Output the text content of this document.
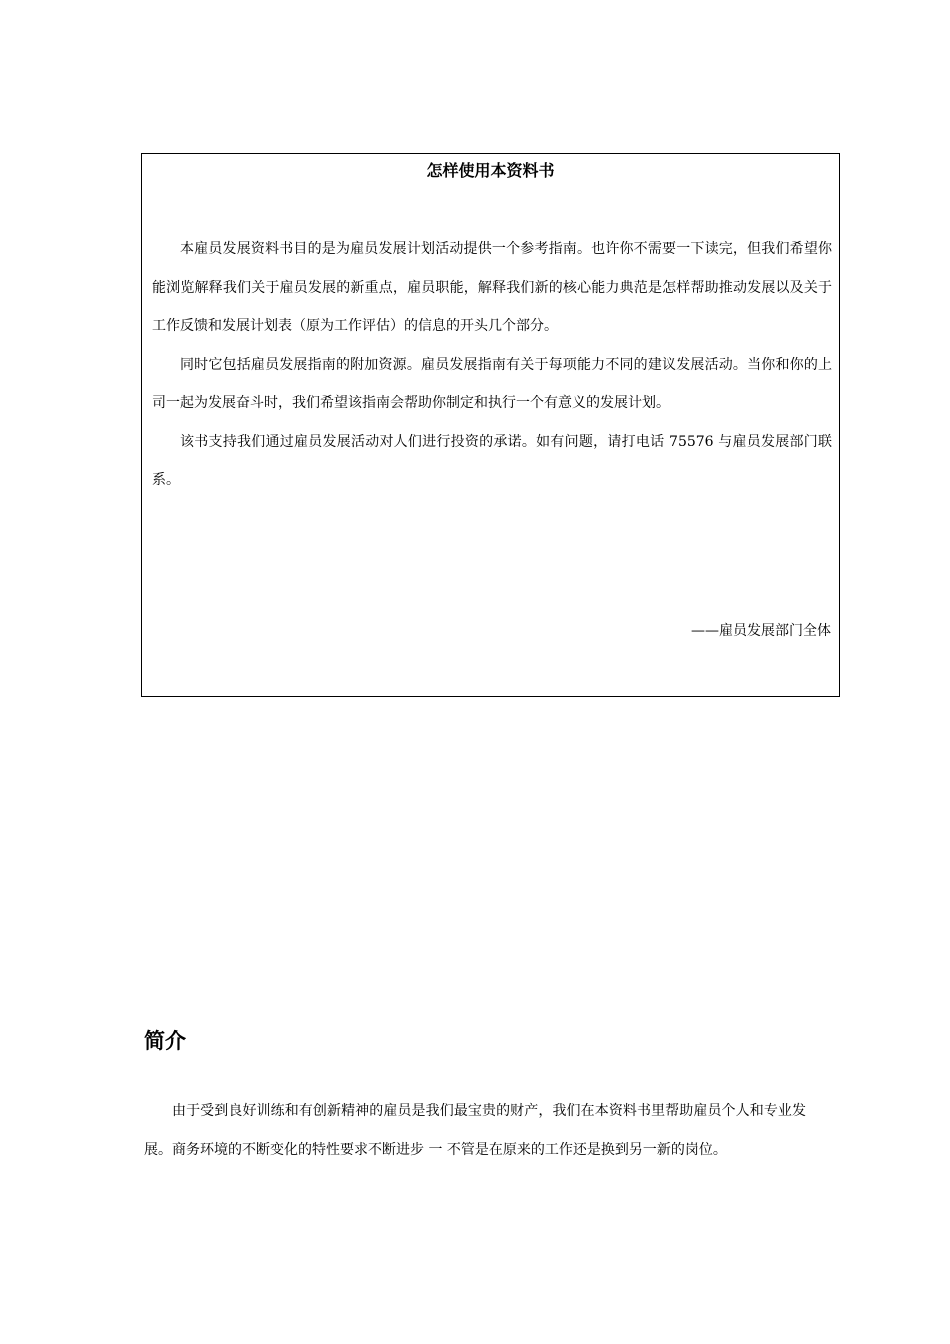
怎样使用本资料书

本雇员发展资料书目的是为雇员发展计划活动提供一个参考指南。也许你不需要一下读完，但我们希望你能浏览解释我们关于雇员发展的新重点，雇员职能，解释我们新的核心能力典范是怎样帮助推动发展以及关于工作反馈和发展计划表（原为工作评估）的信息的开头几个部分。

同时它包括雇员发展指南的附加资源。雇员发展指南有关于每项能力不同的建议发展活动。当你和你的上司一起为发展奋斗时，我们希望该指南会帮助你制定和执行一个有意义的发展计划。

该书支持我们通过雇员发展活动对人们进行投资的承诺。如有问题，请打电话 75576 与雇员发展部门联系。

——雇员发展部门全体
简介

由于受到良好训练和有创新精神的雇员是我们最宝贵的财产，我们在本资料书里帮助雇员个人和专业发展。商务环境的不断变化的特性要求不断进步 一 不管是在原来的工作还是换到另一新的岗位。
